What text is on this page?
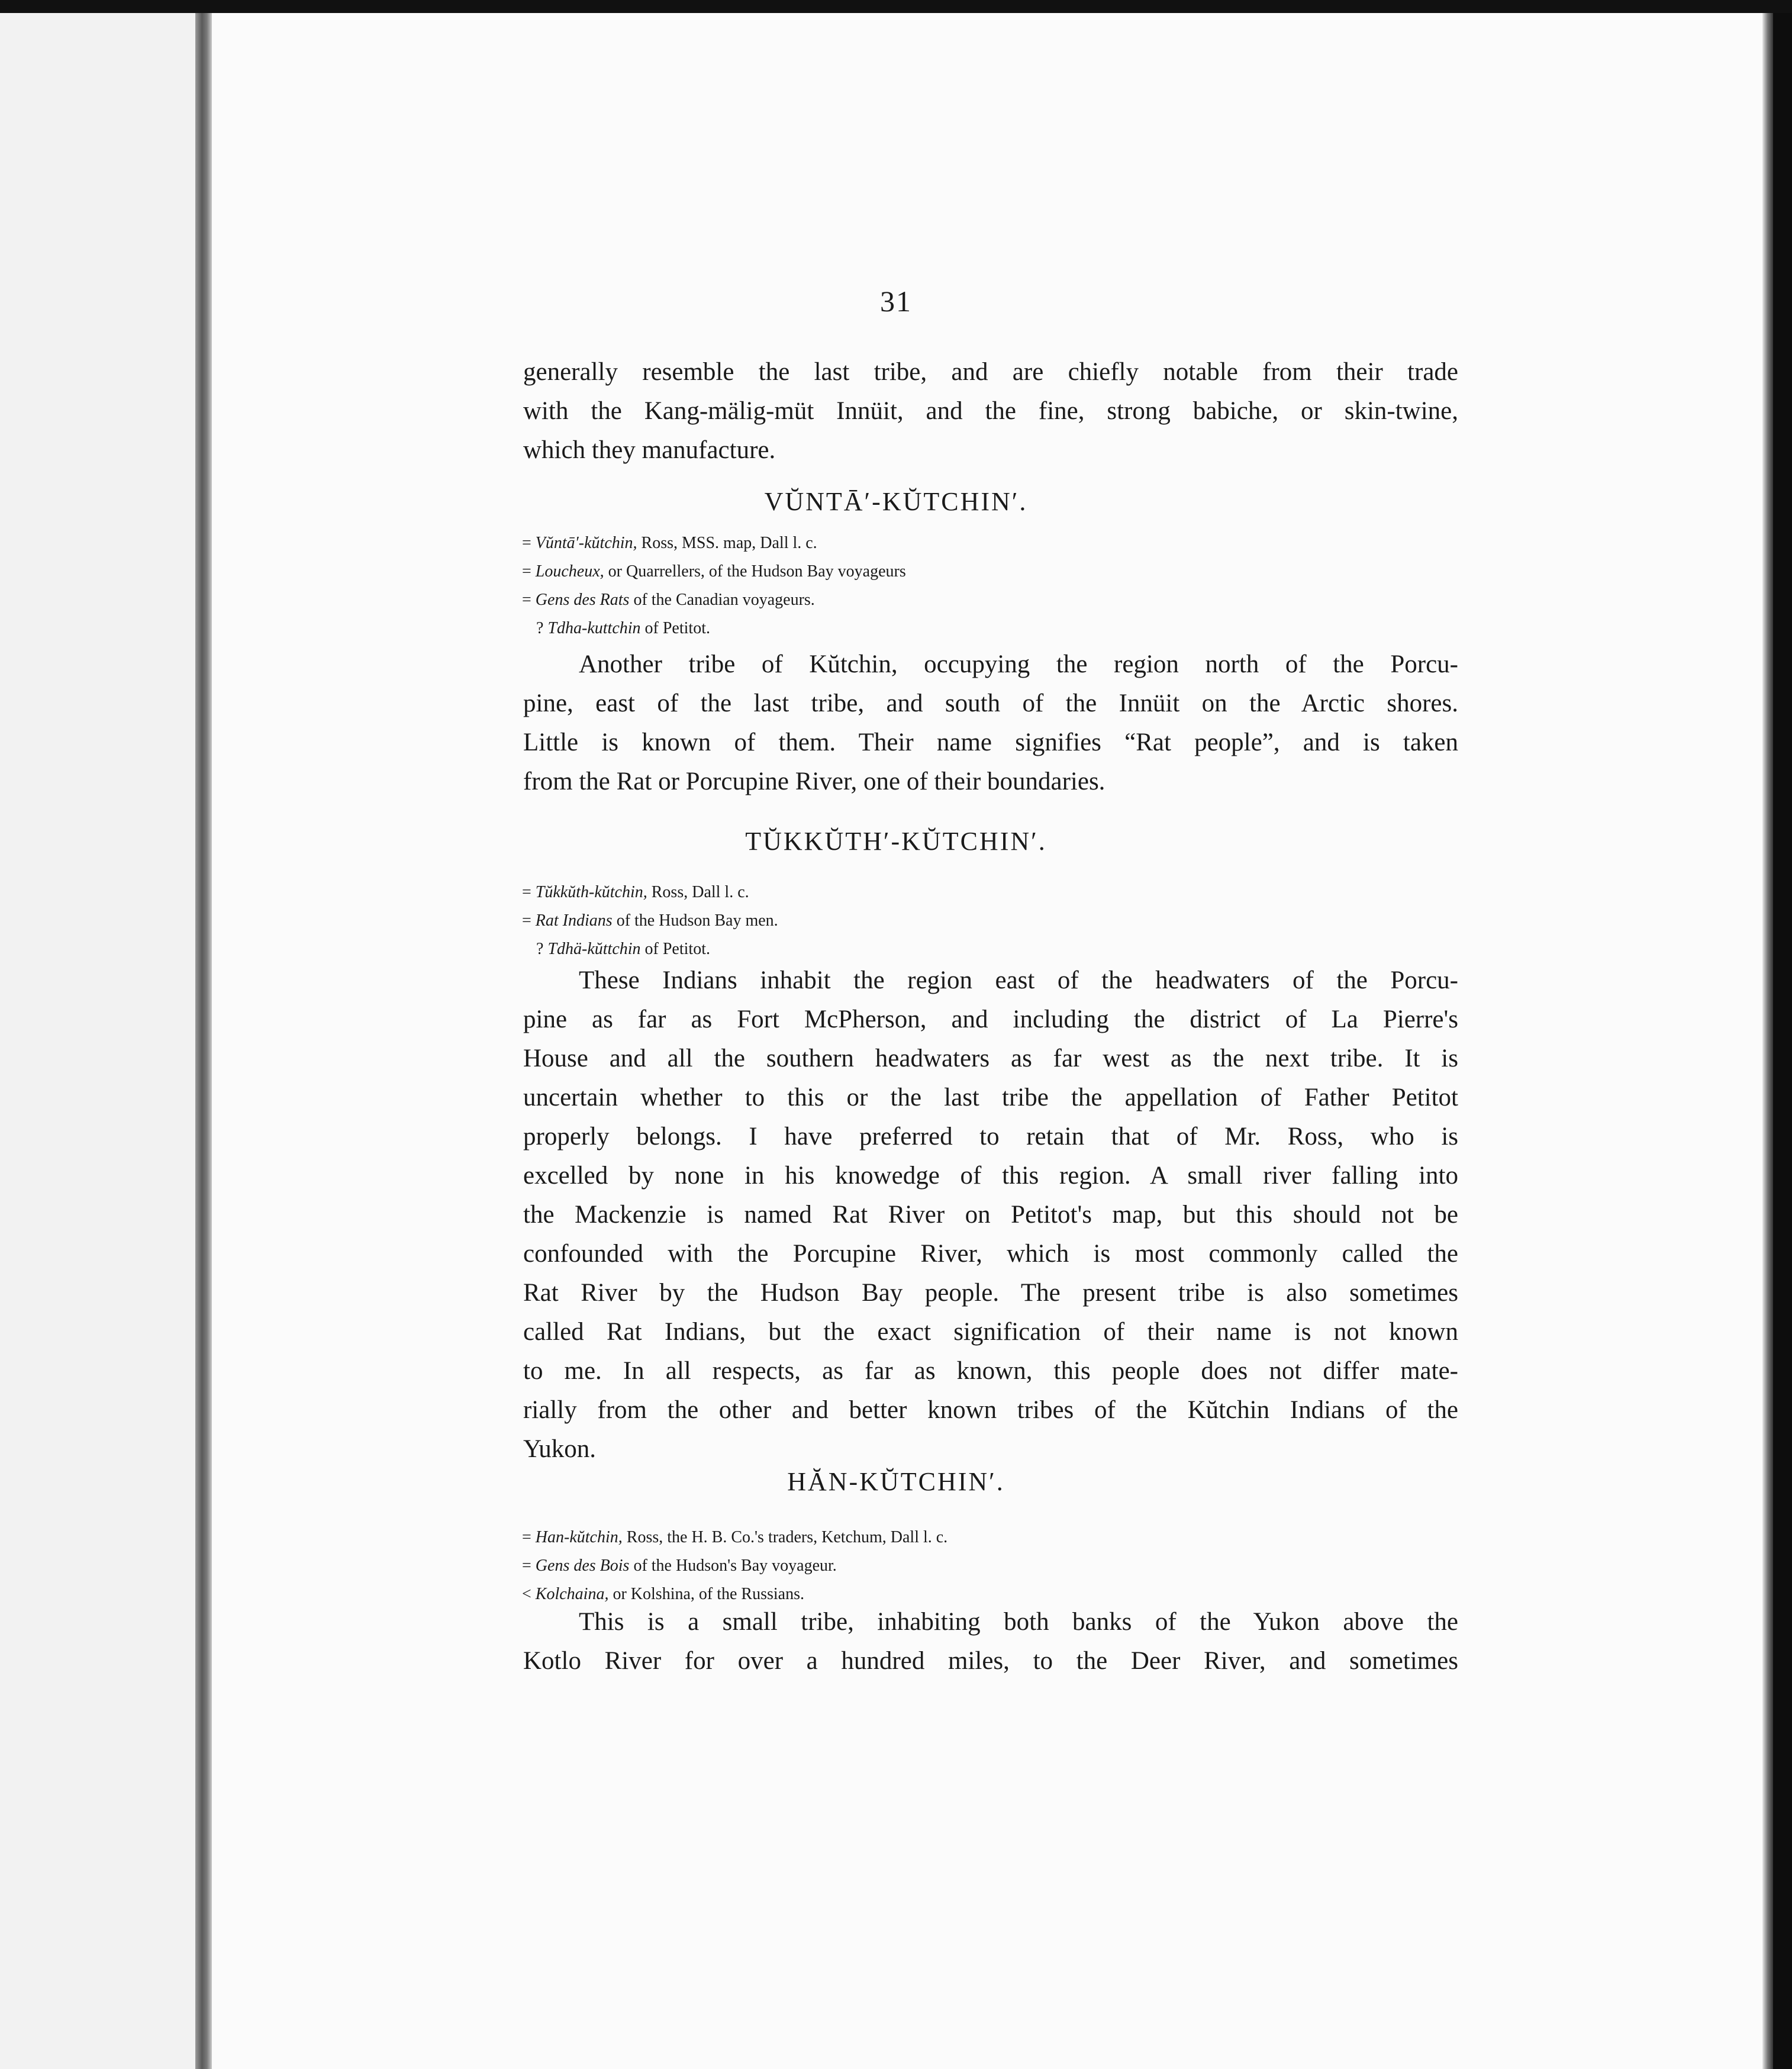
31
generally resemble the last tribe, and are chiefly notable from their trade
with the Kang-mälig-müt Innüit, and the fine, strong babiche, or skin-twine,
which they manufacture.
VŬNTĀ′-KŬTCHIN′.
= Vŭntā′-kŭtchin, Ross, MSS. map, Dall l. c.
= Loucheux, or Quarrellers, of the Hudson Bay voyageurs
= Gens des Rats of the Canadian voyageurs.
? Tdha-kuttchin of Petitot.
Another tribe of Kŭtchin, occupying the region north of the Porcu-
pine, east of the last tribe, and south of the Innüit on the Arctic shores.
Little is known of them. Their name signifies “Rat people”, and is taken
from the Rat or Porcupine River, one of their boundaries.
TŬKKŬTH′-KŬTCHIN′.
= Tŭkkŭth-kŭtchin, Ross, Dall l. c.
= Rat Indians of the Hudson Bay men.
? Tdhä-kŭttchin of Petitot.
These Indians inhabit the region east of the headwaters of the Porcu-
pine as far as Fort McPherson, and including the district of La Pierre's
House and all the southern headwaters as far west as the next tribe. It is
uncertain whether to this or the last tribe the appellation of Father Petitot
properly belongs. I have preferred to retain that of Mr. Ross, who is
excelled by none in his knowedge of this region. A small river falling into
the Mackenzie is named Rat River on Petitot's map, but this should not be
confounded with the Porcupine River, which is most commonly called the
Rat River by the Hudson Bay people. The present tribe is also sometimes
called Rat Indians, but the exact signification of their name is not known
to me. In all respects, as far as known, this people does not differ mate-
rially from the other and better known tribes of the Kŭtchin Indians of the
Yukon.
HĂN-KŬTCHIN′.
= Han-kŭtchin, Ross, the H. B. Co.'s traders, Ketchum, Dall l. c.
= Gens des Bois of the Hudson's Bay voyageur.
< Kolchaina, or Kolshina, of the Russians.
This is a small tribe, inhabiting both banks of the Yukon above the
Kotlo River for over a hundred miles, to the Deer River, and sometimes
